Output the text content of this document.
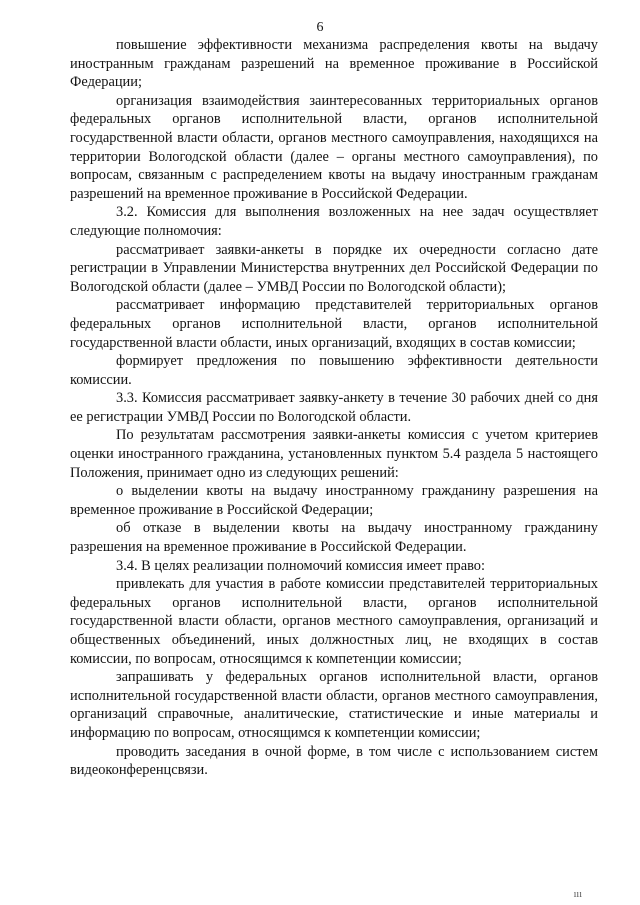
6

повышение эффективности механизма распределения квоты на выдачу иностранным гражданам разрешений на временное проживание в Российской Федерации;

организация взаимодействия заинтересованных территориальных органов федеральных органов исполнительной власти, органов исполнительной государственной власти области, органов местного самоуправления, находящихся на территории Вологодской области (далее – органы местного самоуправления), по вопросам, связанным с распределением квоты на выдачу иностранным гражданам разрешений на временное проживание в Российской Федерации.

3.2. Комиссия для выполнения возложенных на нее задач осуществляет следующие полномочия:

рассматривает заявки-анкеты в порядке их очередности согласно дате регистрации в Управлении Министерства внутренних дел Российской Федерации по Вологодской области (далее – УМВД России по Вологодской области);

рассматривает информацию представителей территориальных органов федеральных органов исполнительной власти, органов исполнительной государственной власти области, иных организаций, входящих в состав комиссии;

формирует предложения по повышению эффективности деятельности комиссии.

3.3. Комиссия рассматривает заявку-анкету в течение 30 рабочих дней со дня ее регистрации УМВД России по Вологодской области.

По результатам рассмотрения заявки-анкеты комиссия с учетом критериев оценки иностранного гражданина, установленных пунктом 5.4 раздела 5 настоящего Положения, принимает одно из следующих решений:

о выделении квоты на выдачу иностранному гражданину разрешения на временное проживание в Российской Федерации;

об отказе в выделении квоты на выдачу иностранному гражданину разрешения на временное проживание в Российской Федерации.

3.4. В целях реализации полномочий комиссия имеет право:

привлекать для участия в работе комиссии представителей территориальных федеральных органов исполнительной власти, органов исполнительной государственной власти области, органов местного самоуправления, организаций и общественных объединений, иных должностных лиц, не входящих в состав комиссии, по вопросам, относящимся к компетенции комиссии;

запрашивать у федеральных органов исполнительной власти, органов исполнительной государственной власти области, органов местного самоуправления, организаций справочные, аналитические, статистические и иные материалы и информацию по вопросам, относящимся к компетенции комиссии;

проводить заседания в очной форме, в том числе с использованием систем видеоконференцсвязи.

ııı
